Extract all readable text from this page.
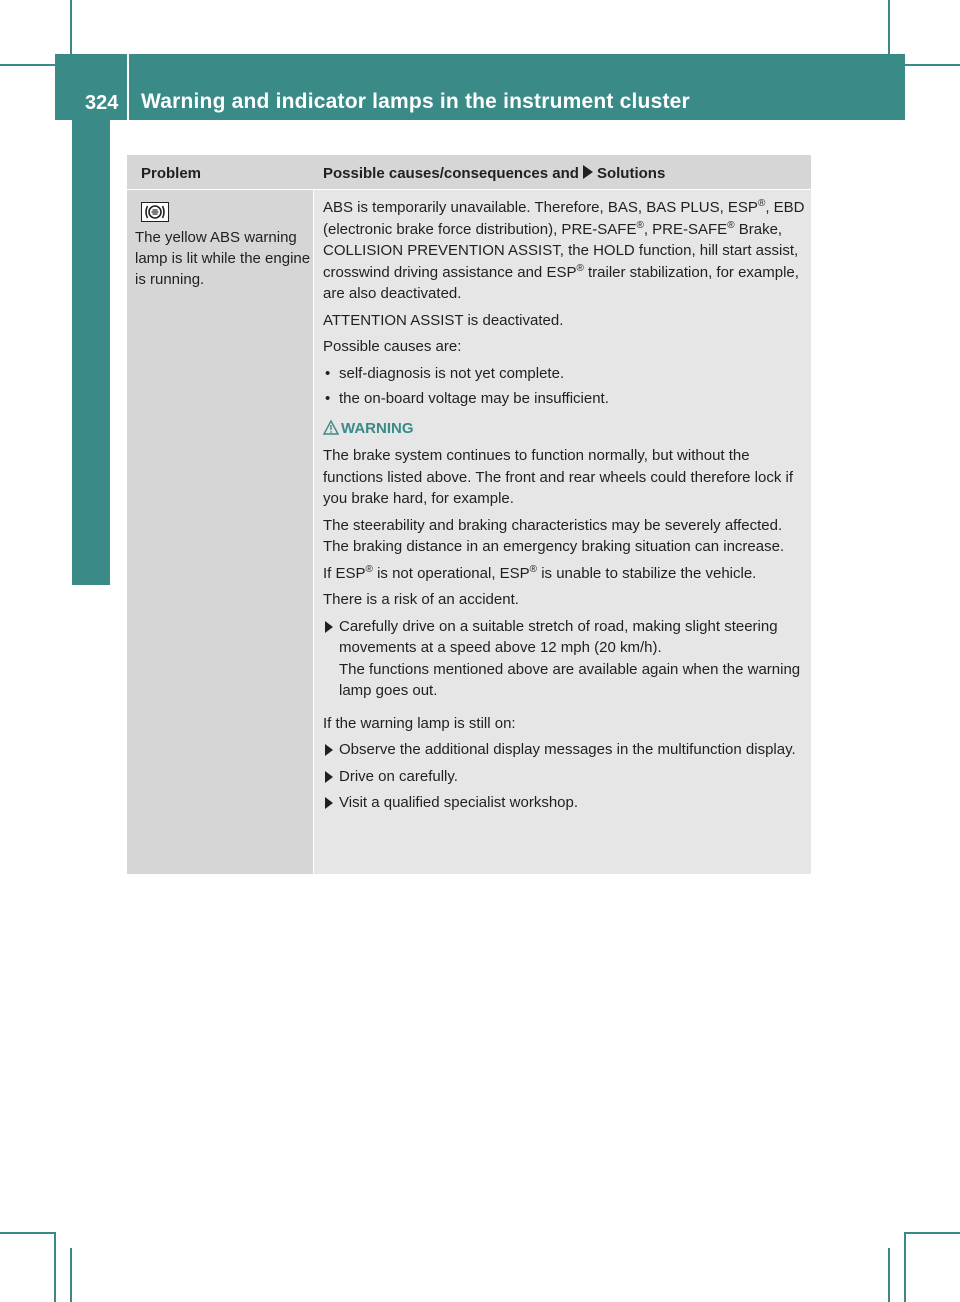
324 Warning and indicator lamps in the instrument cluster
On-board computer and displays
Problem	Possible causes/consequences and Solutions
The yellow ABS warning lamp is lit while the engine is running.

ABS is temporarily unavailable. Therefore, BAS, BAS PLUS, ESP®, EBD (electronic brake force distribution), PRE-SAFE®, PRE-SAFE® Brake, COLLISION PREVENTION ASSIST, the HOLD function, hill start assist, crosswind driving assistance and ESP® trailer stabilization, for example, are also deactivated.

ATTENTION ASSIST is deactivated.

Possible causes are:

• self-diagnosis is not yet complete.
• the on-board voltage may be insufficient.
WARNING

The brake system continues to function normally, but without the functions listed above. The front and rear wheels could therefore lock if you brake hard, for example.

The steerability and braking characteristics may be severely affected. The braking distance in an emergency braking situation can increase.

If ESP® is not operational, ESP® is unable to stabilize the vehicle.

There is a risk of an accident.

Carefully drive on a suitable stretch of road, making slight steering movements at a speed above 12 mph (20 km/h).
The functions mentioned above are available again when the warning lamp goes out.

If the warning lamp is still on:

Observe the additional display messages in the multifunction display.
Drive on carefully.
Visit a qualified specialist workshop.
